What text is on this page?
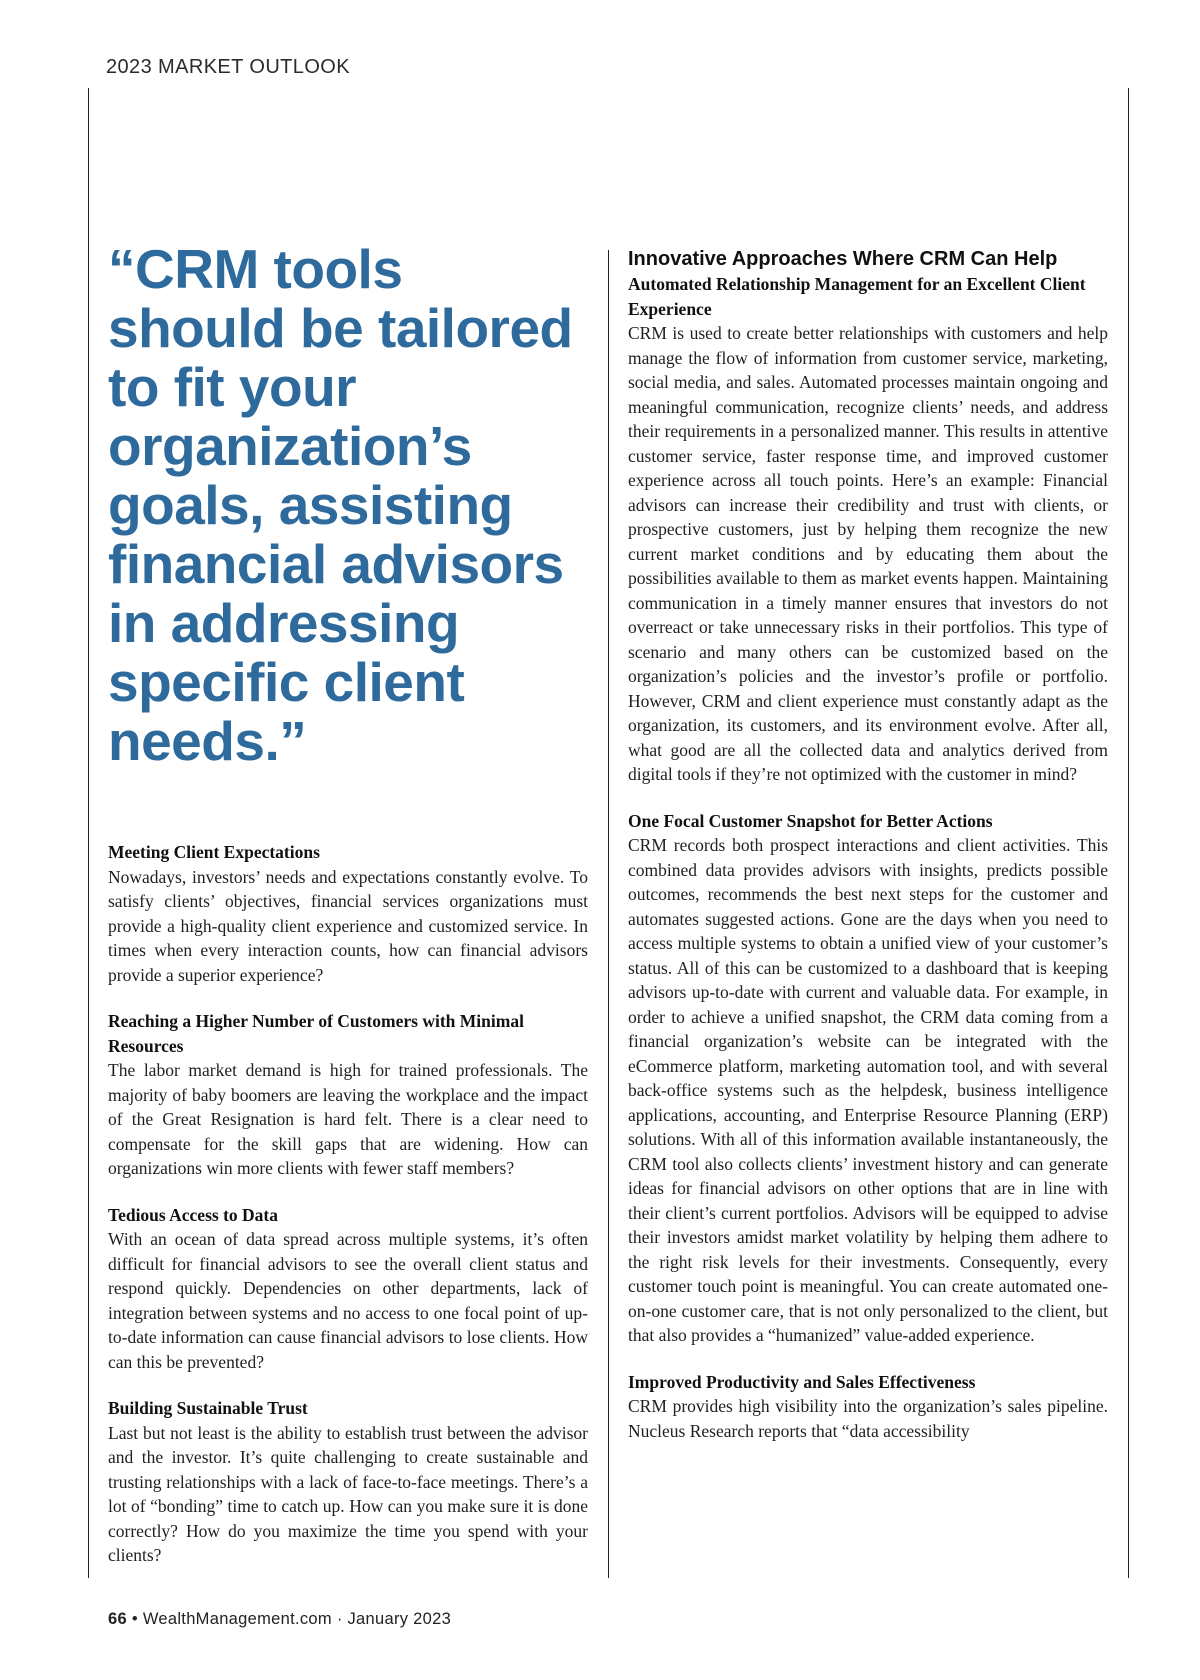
2023 MARKET OUTLOOK

“CRM tools should be tailored to fit your organization’s goals, assisting financial advisors in addressing specific client needs.”

Meeting Client Expectations

Nowadays, investors’ needs and expectations constantly evolve. To satisfy clients’ objectives, financial services organizations must provide a high-quality client experience and customized service. In times when every interaction counts, how can financial advisors provide a superior experience?

Reaching a Higher Number of Customers with Minimal Resources

The labor market demand is high for trained professionals. The majority of baby boomers are leaving the workplace and the impact of the Great Resignation is hard felt. There is a clear need to compensate for the skill gaps that are widening. How can organizations win more clients with fewer staff members?

Tedious Access to Data

With an ocean of data spread across multiple systems, it’s often difficult for financial advisors to see the overall client status and respond quickly. Dependencies on other departments, lack of integration between systems and no access to one focal point of up-to-date information can cause financial advisors to lose clients. How can this be prevented?

Building Sustainable Trust

Last but not least is the ability to establish trust between the advisor and the investor. It’s quite challenging to create sustainable and trusting relationships with a lack of face-to-face meetings. There’s a lot of “bonding” time to catch up. How can you make sure it is done correctly? How do you maximize the time you spend with your clients?

Innovative Approaches Where CRM Can Help
Automated Relationship Management for an Excellent Client Experience

CRM is used to create better relationships with customers and help manage the flow of information from customer service, marketing, social media, and sales. Automated processes maintain ongoing and meaningful communication, recognize clients’ needs, and address their requirements in a personalized manner. This results in attentive customer service, faster response time, and improved customer experience across all touch points. Here’s an example: Financial advisors can increase their credibility and trust with clients, or prospective customers, just by helping them recognize the new current market conditions and by educating them about the possibilities available to them as market events happen. Maintaining communication in a timely manner ensures that investors do not overreact or take unnecessary risks in their portfolios. This type of scenario and many others can be customized based on the organization’s policies and the investor’s profile or portfolio. However, CRM and client experience must constantly adapt as the organization, its customers, and its environment evolve. After all, what good are all the collected data and analytics derived from digital tools if they’re not optimized with the customer in mind?

One Focal Customer Snapshot for Better Actions

CRM records both prospect interactions and client activities. This combined data provides advisors with insights, predicts possible outcomes, recommends the best next steps for the customer and automates suggested actions. Gone are the days when you need to access multiple systems to obtain a unified view of your customer’s status. All of this can be customized to a dashboard that is keeping advisors up-to-date with current and valuable data. For example, in order to achieve a unified snapshot, the CRM data coming from a financial organization’s website can be integrated with the eCommerce platform, marketing automation tool, and with several back-office systems such as the helpdesk, business intelligence applications, accounting, and Enterprise Resource Planning (ERP) solutions. With all of this information available instantaneously, the CRM tool also collects clients’ investment history and can generate ideas for financial advisors on other options that are in line with their client’s current portfolios. Advisors will be equipped to advise their investors amidst market volatility by helping them adhere to the right risk levels for their investments. Consequently, every customer touch point is meaningful. You can create automated one-on-one customer care, that is not only personalized to the client, but that also provides a “humanized” value-added experience.

Improved Productivity and Sales Effectiveness

CRM provides high visibility into the organization’s sales pipeline. Nucleus Research reports that “data accessibility

66 • WealthManagement.com · January 2023
